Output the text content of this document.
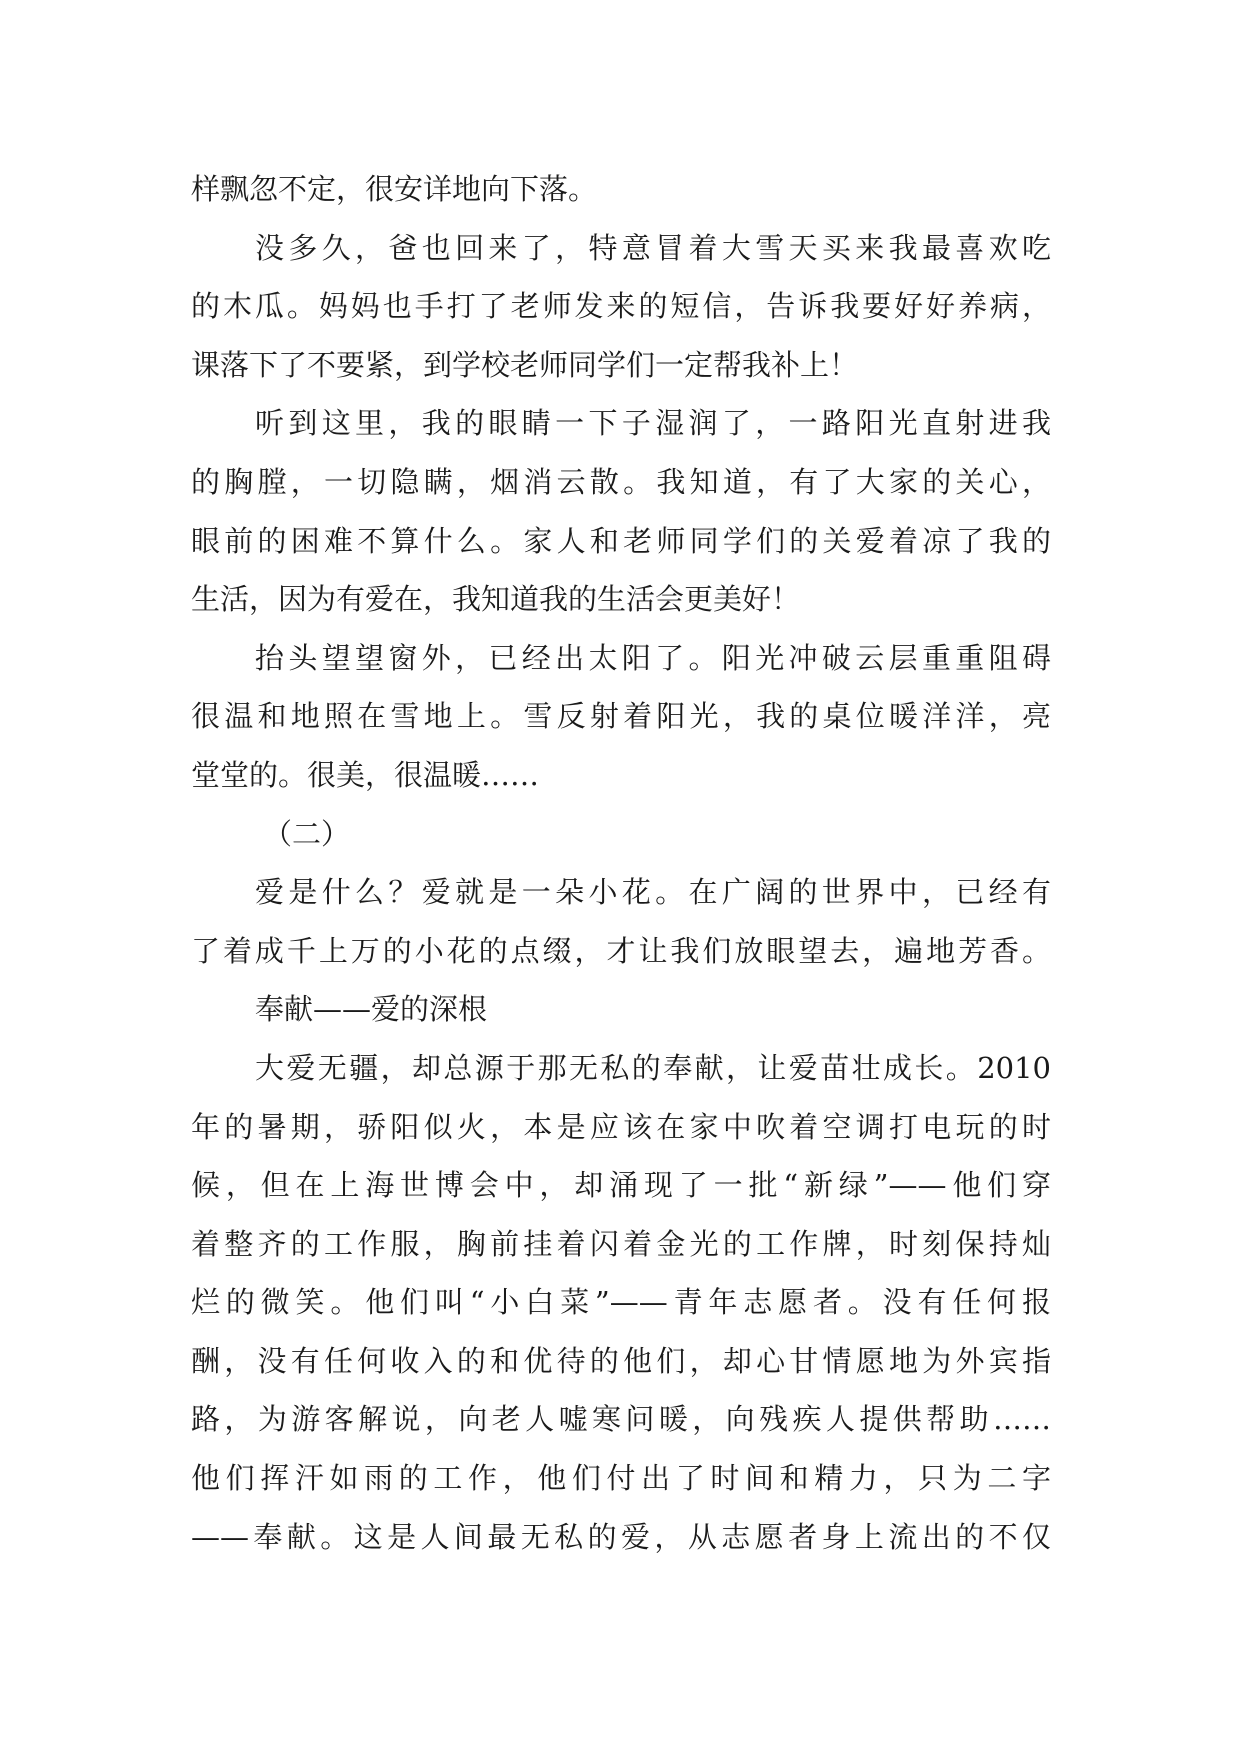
样飘忽不定，很安详地向下落。
没多久，爸也回来了，特意冒着大雪天买来我最喜欢吃
的木瓜。妈妈也手打了老师发来的短信，告诉我要好好养病，
课落下了不要紧，到学校老师同学们一定帮我补上！
听到这里，我的眼睛一下子湿润了，一路阳光直射进我
的胸膛，一切隐瞒，烟消云散。我知道，有了大家的关心，
眼前的困难不算什么。家人和老师同学们的关爱着凉了我的
生活，因为有爱在，我知道我的生活会更美好！
抬头望望窗外，已经出太阳了。阳光冲破云层重重阻碍
很温和地照在雪地上。雪反射着阳光，我的桌位暖洋洋，亮
堂堂的。很美，很温暖……
（二）
爱是什么？爱就是一朵小花。在广阔的世界中，已经有
了着成千上万的小花的点缀，才让我们放眼望去，遍地芳香。
奉献——爱的深根
大爱无疆，却总源于那无私的奉献，让爱苗壮成长。2010
年的暑期，骄阳似火，本是应该在家中吹着空调打电玩的时
候，但在上海世博会中，却涌现了一批“新绿”——他们穿
着整齐的工作服，胸前挂着闪着金光的工作牌，时刻保持灿
烂的微笑。他们叫“小白菜”——青年志愿者。没有任何报
酬，没有任何收入的和优待的他们，却心甘情愿地为外宾指
路，为游客解说，向老人嘘寒问暖，向残疾人提供帮助……
他们挥汗如雨的工作，他们付出了时间和精力，只为二字
——奉献。这是人间最无私的爱，从志愿者身上流出的不仅
